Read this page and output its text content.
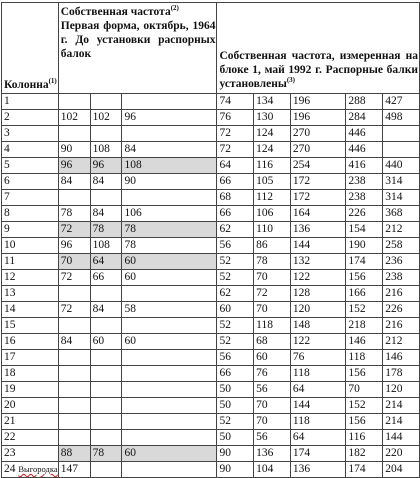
Колонна$^{(1)}$	Собственная частота$^{(2)}$
Первая форма, октябрь, 1964 г. До установки распорных балок			Собственная частота, измеренная на блоке 1, май 1992 г. Распорные балки установлены$^{(3)}$
1				74	134	196	288	427
2	102	102	96	76	130	196	284	498
3				72	124	270	446	
4	90	108	84	72	124	270	446	
5	96	96	108	64	116	254	416	440
6	84	84	90	66	105	172	238	314
7				68	112	172	238	314
8	78	84	106	66	106	164	226	368
9	72	78	78	62	110	136	154	212
10	96	108	78	56	86	144	190	258
11	70	64	60	52	78	132	174	236
12	72	66	60	52	70	122	156	238
13				62	72	128	166	216
14	72	84	58	60	70	120	152	226
15				52	118	148	218	216
16	84	60	60	52	68	122	146	212
17				56	60	76	118	146
18				66	76	118	156	178
19				50	56	64	70	120
20				50	70	144	152	214
21				52	70	118	156	214
22				50	56	64	116	144
23	88	78	60	90	136	174	182	220
24 Выгородка	147			90	104	136	174	204
